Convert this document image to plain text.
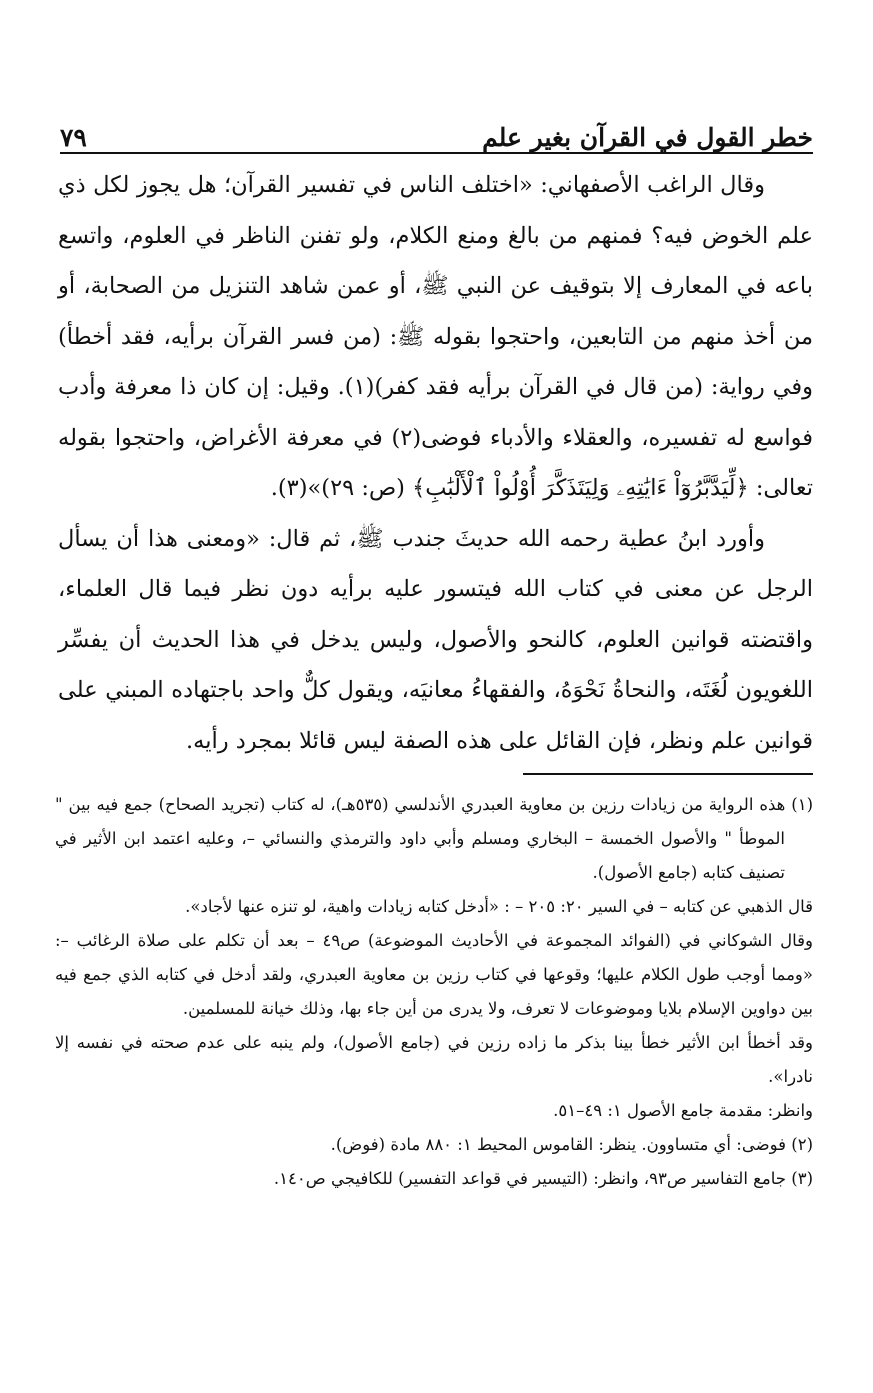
خطر القول في القرآن بغير علم
٧٩

وقال الراغب الأصفهاني: «اختلف الناس في تفسير القرآن؛ هل يجوز لكل ذي علم الخوض فيه؟ فمنهم من بالغ ومنع الكلام، ولو تفنن الناظر في العلوم، واتسع باعه في المعارف إلا بتوقيف عن النبي ﷺ، أو عمن شاهد التنزيل من الصحابة، أو من أخذ منهم من التابعين، واحتجوا بقوله ﷺ: (من فسر القرآن برأيه، فقد أخطأ) وفي رواية: (من قال في القرآن برأيه فقد كفر)(١). وقيل: إن كان ذا معرفة وأدب فواسع له تفسيره، والعقلاء والأدباء فوضى(٢) في معرفة الأغراض، واحتجوا بقوله تعالى: ﴿لِّيَدَّبَّرُوٓاْ ءَايَٰتِهِۦ وَلِيَتَذَكَّرَ أُوْلُواْ ٱلْأَلْبَٰبِ﴾ (ص: ٢٩)»(٣).

وأورد ابنُ عطية رحمه الله حديثَ جندب ﷺ، ثم قال: «ومعنى هذا أن يسأل الرجل عن معنى في كتاب الله فيتسور عليه برأيه دون نظر فيما قال العلماء، واقتضته قوانين العلوم، كالنحو والأصول، وليس يدخل في هذا الحديث أن يفسِّر اللغويون لُغَتَه، والنحاةُ نَحْوَهُ، والفقهاءُ معانيَه، ويقول كلٌّ واحد باجتهاده المبني على قوانين علم ونظر، فإن القائل على هذه الصفة ليس قائلا بمجرد رأيه.

(١) هذه الرواية من زيادات رزين بن معاوية العبدري الأندلسي (٥٣٥هـ)، له كتاب (تجريد الصحاح) جمع فيه بين " الموطأ " والأصول الخمسة – البخاري ومسلم وأبي داود والترمذي والنسائي –، وعليه اعتمد ابن الأثير في تصنيف كتابه (جامع الأصول).

قال الذهبي عن كتابه – في السير ٢٠: ٢٠٥ – : «أدخل كتابه زيادات واهية، لو تنزه عنها لأجاد».

وقال الشوكاني في (الفوائد المجموعة في الأحاديث الموضوعة) ص٤٩ – بعد أن تكلم على صلاة الرغائب –: «ومما أوجب طول الكلام عليها؛ وقوعها في كتاب رزين بن معاوية العبدري، ولقد أدخل في كتابه الذي جمع فيه بين دواوين الإسلام بلايا وموضوعات لا تعرف، ولا يدرى من أين جاء بها، وذلك خيانة للمسلمين.

وقد أخطأ ابن الأثير خطأ بينا بذكر ما زاده رزين في (جامع الأصول)، ولم ينبه على عدم صحته في نفسه إلا نادرا».

وانظر: مقدمة جامع الأصول ١: ٤٩–٥١.

(٢) فوضى: أي متساوون. ينظر: القاموس المحيط ١: ٨٨٠ مادة (فوض).

(٣) جامع التفاسير ص٩٣، وانظر: (التيسير في قواعد التفسير) للكافيجي ص١٤٠.
